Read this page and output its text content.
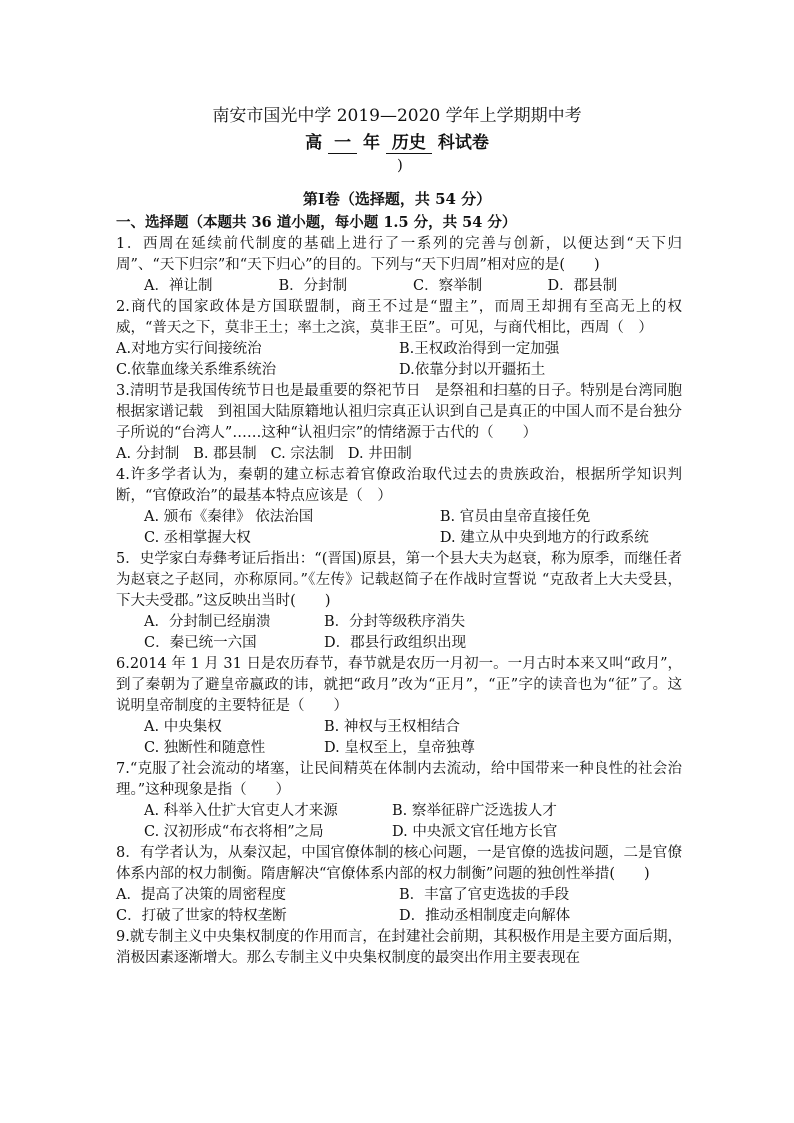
南安市国光中学 2019—2020 学年上学期期中考
高 一 年 历史 科试卷
)
第Ⅰ卷（选择题，共 54 分）
一、选择题（本题共 36 道小题，每小题 1.5 分，共 54 分）

1．西周在延续前代制度的基础上进行了一系列的完善与创新，以便达到“天下归周”、“天下归宗”和“天下归心”的目的。下列与“天下归周”相对应的是(　　)

A．禅让制	B．分封制	C．察举制	D．郡县制

2.商代的国家政体是方国联盟制，商王不过是“盟主”，而周王却拥有至高无上的权威，“普天之下，莫非王土；率土之滨，莫非王臣”。可见，与商代相比，西周（　）

A.对地方实行间接统治	B.王权政治得到一定加强
C.依靠血缘关系维系统治	D.依靠分封以开疆拓土

3.清明节是我国传统节日也是最重要的祭祀节日　是祭祖和扫墓的日子。特别是台湾同胞　根据家谱记载　到祖国大陆原籍地认祖归宗真正认识到自己是真正的中国人而不是台独分子所说的“台湾人”……这种“认祖归宗”的情绪源于古代的（　　）

A. 分封制 B. 郡县制 C. 宗法制 D. 井田制

4.许多学者认为，秦朝的建立标志着官僚政治取代过去的贵族政治，根据所学知识判断，“官僚政治”的最基本特点应该是（　）

A. 颁布《秦律》 依法治国	B. 官员由皇帝直接任免
C. 丞相掌握大权	D. 建立从中央到地方的行政系统

5．史学家白寿彝考证后指出：“(晋国)原县，第一个县大夫为赵衰，称为原季，而继任者为赵衰之子赵同，亦称原同。”《左传》记载赵简子在作战时宣誓说 “克敌者上大夫受县，下大夫受郡。”这反映出当时(　　)

A．分封制已经崩溃	B．分封等级秩序消失
C．秦已统一六国	D．郡县行政组织出现

6.2014 年 1 月 31 日是农历春节，春节就是农历一月初一。一月古时本来又叫“政月”，到了秦朝为了避皇帝嬴政的讳，就把“政月”改为“正月”，“正”字的读音也为“征”了。这说明皇帝制度的主要特征是（　　）

A. 中央集权	B. 神权与王权相结合
C. 独断性和随意性	D. 皇权至上，皇帝独尊

7.“克服了社会流动的堵塞，让民间精英在体制内去流动，给中国带来一种良性的社会治理。”这种现象是指（　　）

A. 科举入仕扩大官吏人才来源	B. 察举征辟广泛选拔人才
C. 汉初形成“布衣将相”之局	D. 中央派文官任地方长官

8．有学者认为，从秦汉起，中国官僚体制的核心问题，一是官僚的选拔问题，二是官僚体系内部的权力制衡。隋唐解决“官僚体系内部的权力制衡”问题的独创性举措(　　)

A．提高了决策的周密程度	B．丰富了官吏选拔的手段
C．打破了世家的特权垄断	D．推动丞相制度走向解体

9.就专制主义中央集权制度的作用而言，在封建社会前期，其积极作用是主要方面后期，消极因素逐渐增大。那么专制主义中央集权制度的最突出作用主要表现在
